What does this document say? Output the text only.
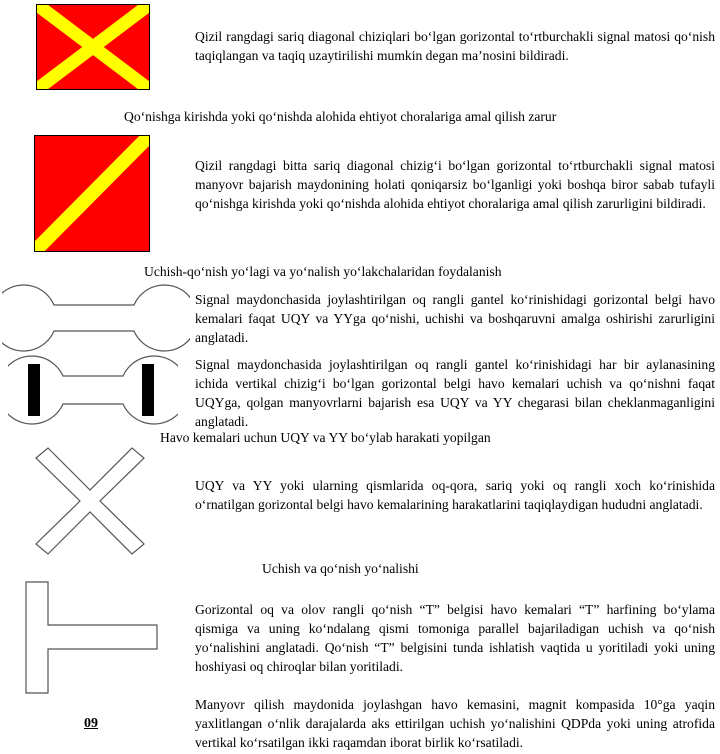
Qizil rangdagi sariq diagonal chiziqlari bo‘lgan gorizontal to‘rtburchakli signal matosi qo‘nish taqiqlangan va taqiq uzaytirilishi mumkin degan ma’nosini bildiradi.

Qo‘nishga kirishda yoki qo‘nishda alohida ehtiyot choralariga amal qilish zarur

Qizil rangdagi bitta sariq diagonal chizig‘i bo‘lgan gorizontal to‘rtburchakli signal matosi manyovr bajarish maydonining holati qoniqarsiz bo‘lganligi yoki boshqa biror sabab tufayli qo‘nishga kirishda yoki qo‘nishda alohida ehtiyot choralariga amal qilish zarurligini bildiradi.

Uchish-qo‘nish yo‘lagi va yo‘nalish yo‘lakchalaridan foydalanish

Signal maydonchasida joylashtirilgan oq rangli gantel ko‘rinishidagi gorizontal belgi havo kemalari faqat UQY va YYga qo‘nishi, uchishi va boshqaruvni amalga oshirishi zarurligini anglatadi.

Signal maydonchasida joylashtirilgan oq rangli gantel ko‘rinishidagi har bir aylanasining ichida vertikal chizig‘i bo‘lgan gorizontal belgi havo kemalari uchish va qo‘nishni faqat UQYga, qolgan manyovrlarni bajarish esa UQY va YY chegarasi bilan cheklanmaganligini anglatadi.

Havo kemalari uchun UQY va YY bo‘ylab harakati yopilgan

UQY va YY yoki ularning qismlarida oq-qora, sariq yoki oq rangli xoch ko‘rinishida o‘rnatilgan gorizontal belgi havo kemalarining harakatlarini taqiqlaydigan hududni anglatadi.

Uchish va qo‘nish yo‘nalishi

Gorizontal oq va olov rangli qo‘nish “T” belgisi havo kemalari “T” harfining bo‘ylama qismiga va uning ko‘ndalang qismi tomoniga parallel bajariladigan uchish va qo‘nish yo‘nalishini anglatadi. Qo‘nish “T” belgisini tunda ishlatish vaqtida u yoritiladi yoki uning hoshiyasi oq chiroqlar bilan yoritiladi.

Manyovr qilish maydonida joylashgan havo kemasini, magnit kompasida 10°ga yaqin yaxlitlangan o‘nlik darajalarda aks ettirilgan uchish yo‘nalishini QDPda yoki uning atrofida vertikal ko‘rsatilgan ikki raqamdan iborat birlik ko‘rsatiladi.

09
